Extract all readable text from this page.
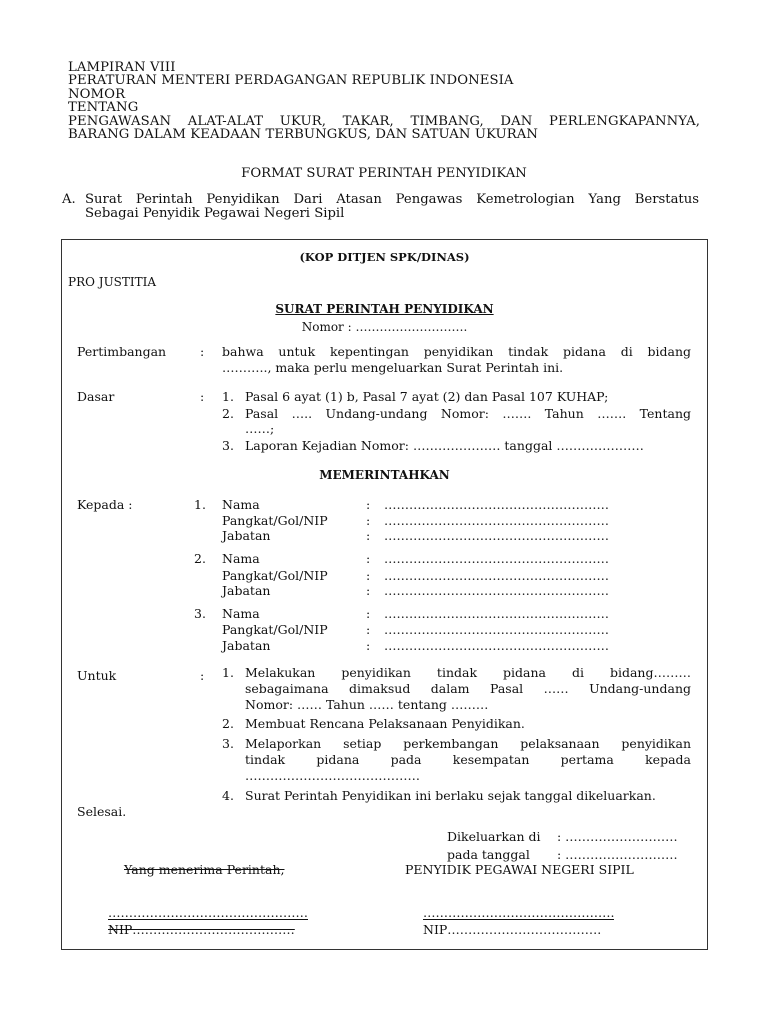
LAMPIRAN VIII
PERATURAN MENTERI PERDAGANGAN REPUBLIK INDONESIA
NOMOR
TENTANG
PENGAWASAN ALAT-ALAT UKUR, TAKAR, TIMBANG, DAN PERLENGKAPANNYA,
BARANG DALAM KEADAAN TERBUNGKUS, DAN SATUAN UKURAN
FORMAT SURAT PERINTAH PENYIDIKAN
A. Surat Perintah Penyidikan Dari Atasan Pengawas Kemetrologian Yang Berstatus
Sebagai Penyidik Pegawai Negeri Sipil
(KOP DITJEN SPK/DINAS)
PRO JUSTITIA
SURAT PERINTAH PENYIDIKAN
Nomor : ……………………….
Pertimbangan	: bahwa untuk kepentingan penyidikan tindak pidana di bidang
……….., maka perlu mengeluarkan Surat Perintah ini.
Dasar	: 1. Pasal 6 ayat (1) b, Pasal 7 ayat (2) dan Pasal 107 KUHAP;
2. Pasal ….. Undang-undang Nomor: ……. Tahun ……. Tentang
……;
3. Laporan Kejadian Nomor: ………………… tanggal …………………
MEMERINTAHKAN
Kepada :	1. Nama	: ………………………………………………
Pangkat/Gol/NIP	: ………………………………………………
Jabatan	: ………………………………………………
2. Nama	: ………………………………………………
Pangkat/Gol/NIP	: ………………………………………………
Jabatan	: ………………………………………………
3. Nama	: ………………………………………………
Pangkat/Gol/NIP	: ………………………………………………
Jabatan	: ………………………………………………
Untuk	: 1. Melakukan penyidikan tindak pidana di bidang………
sebagaimana dimaksud dalam Pasal …… Undang-undang
Nomor: …… Tahun …… tentang ………
2. Membuat Rencana Pelaksanaan Penyidikan.
3. Melaporkan setiap perkembangan pelaksanaan penyidikan
tindak pidana pada kesempatan pertama kepada
……………………………………
4. Surat Perintah Penyidikan ini berlaku sejak tanggal dikeluarkan.
Selesai.
Dikeluarkan di : ………………………
pada tanggal : ………………………
Yang menerima Perintah,	PENYIDIK PEGAWAI NEGERI SIPIL
…………………………………………
NIP…………………………………
……………………………………….
NIP……………………………….
